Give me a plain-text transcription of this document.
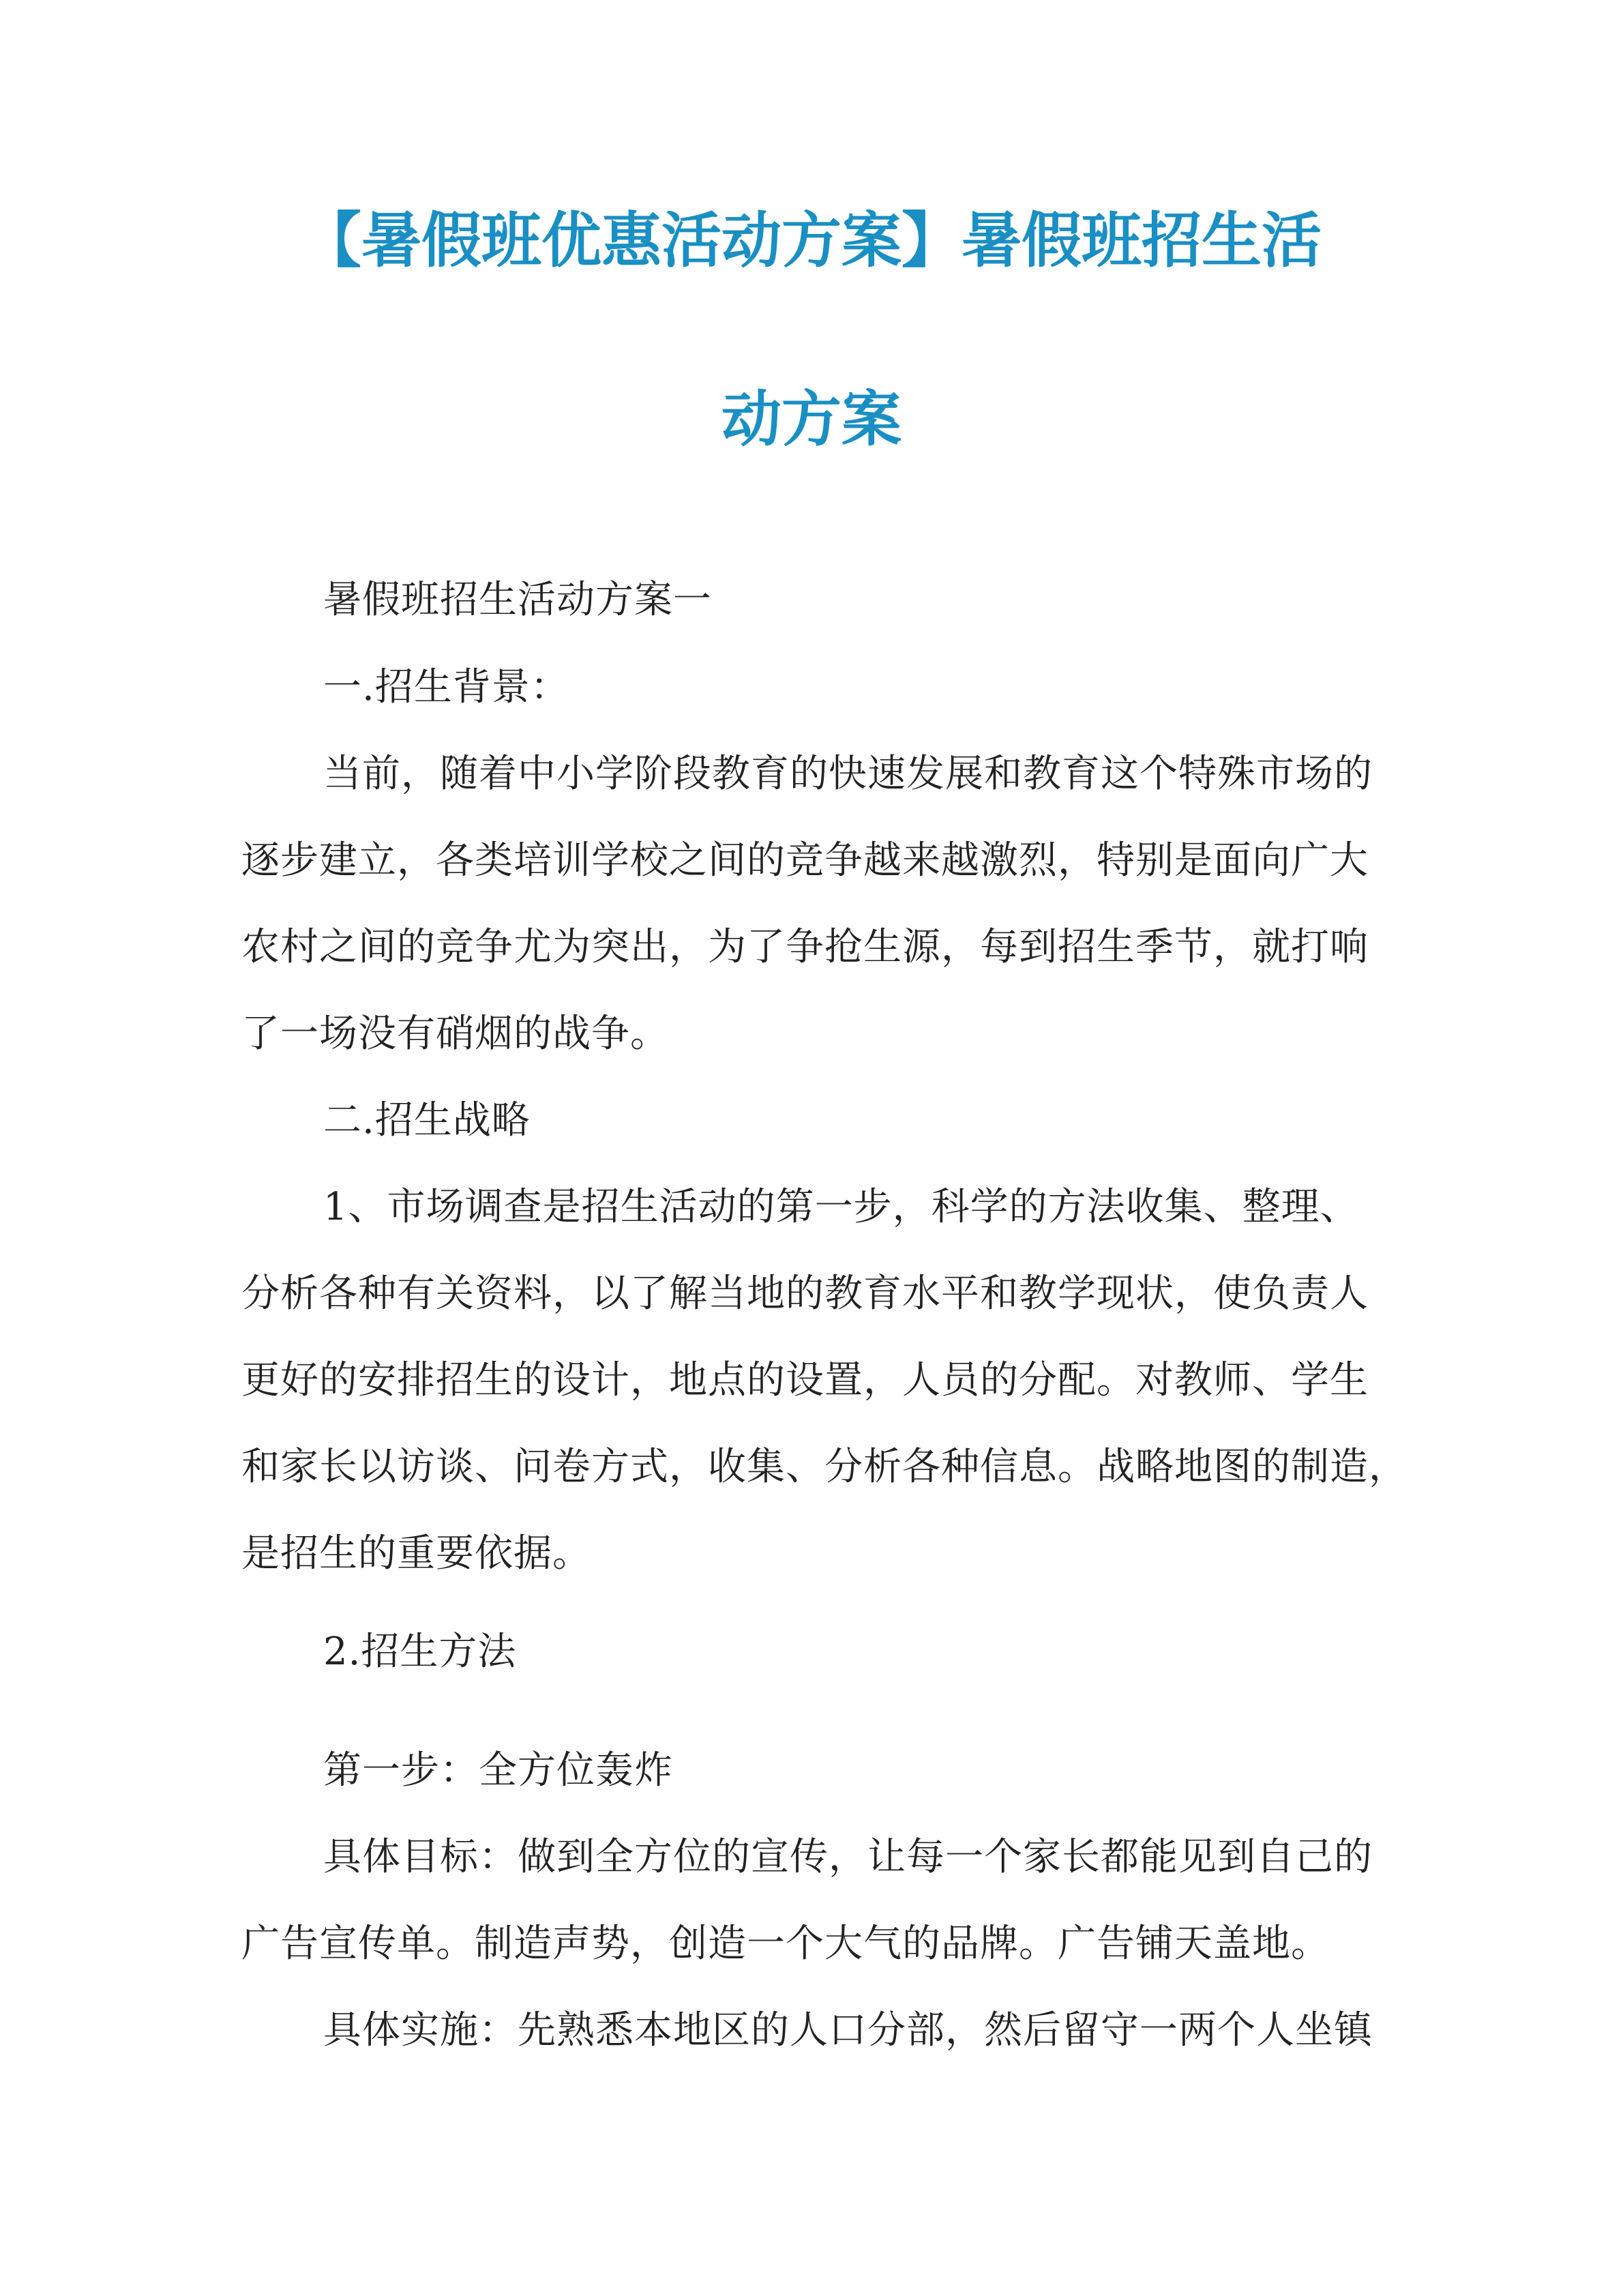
【暑假班优惠活动方案】暑假班招生活
动方案
暑假班招生活动方案一
一.招生背景：
当前，随着中小学阶段教育的快速发展和教育这个特殊市场的
逐步建立，各类培训学校之间的竞争越来越激烈，特别是面向广大
农村之间的竞争尤为突出，为了争抢生源，每到招生季节，就打响
了一场没有硝烟的战争。
二.招生战略
1、市场调查是招生活动的第一步，科学的方法收集、整理、
分析各种有关资料，以了解当地的教育水平和教学现状，使负责人
更好的安排招生的设计，地点的设置，人员的分配。对教师、学生
和家长以访谈、问卷方式，收集、分析各种信息。战略地图的制造，
是招生的重要依据。
2.招生方法
第一步：全方位轰炸
具体目标：做到全方位的宣传，让每一个家长都能见到自己的
广告宣传单。制造声势，创造一个大气的品牌。广告铺天盖地。
具体实施：先熟悉本地区的人口分部，然后留守一两个人坐镇
